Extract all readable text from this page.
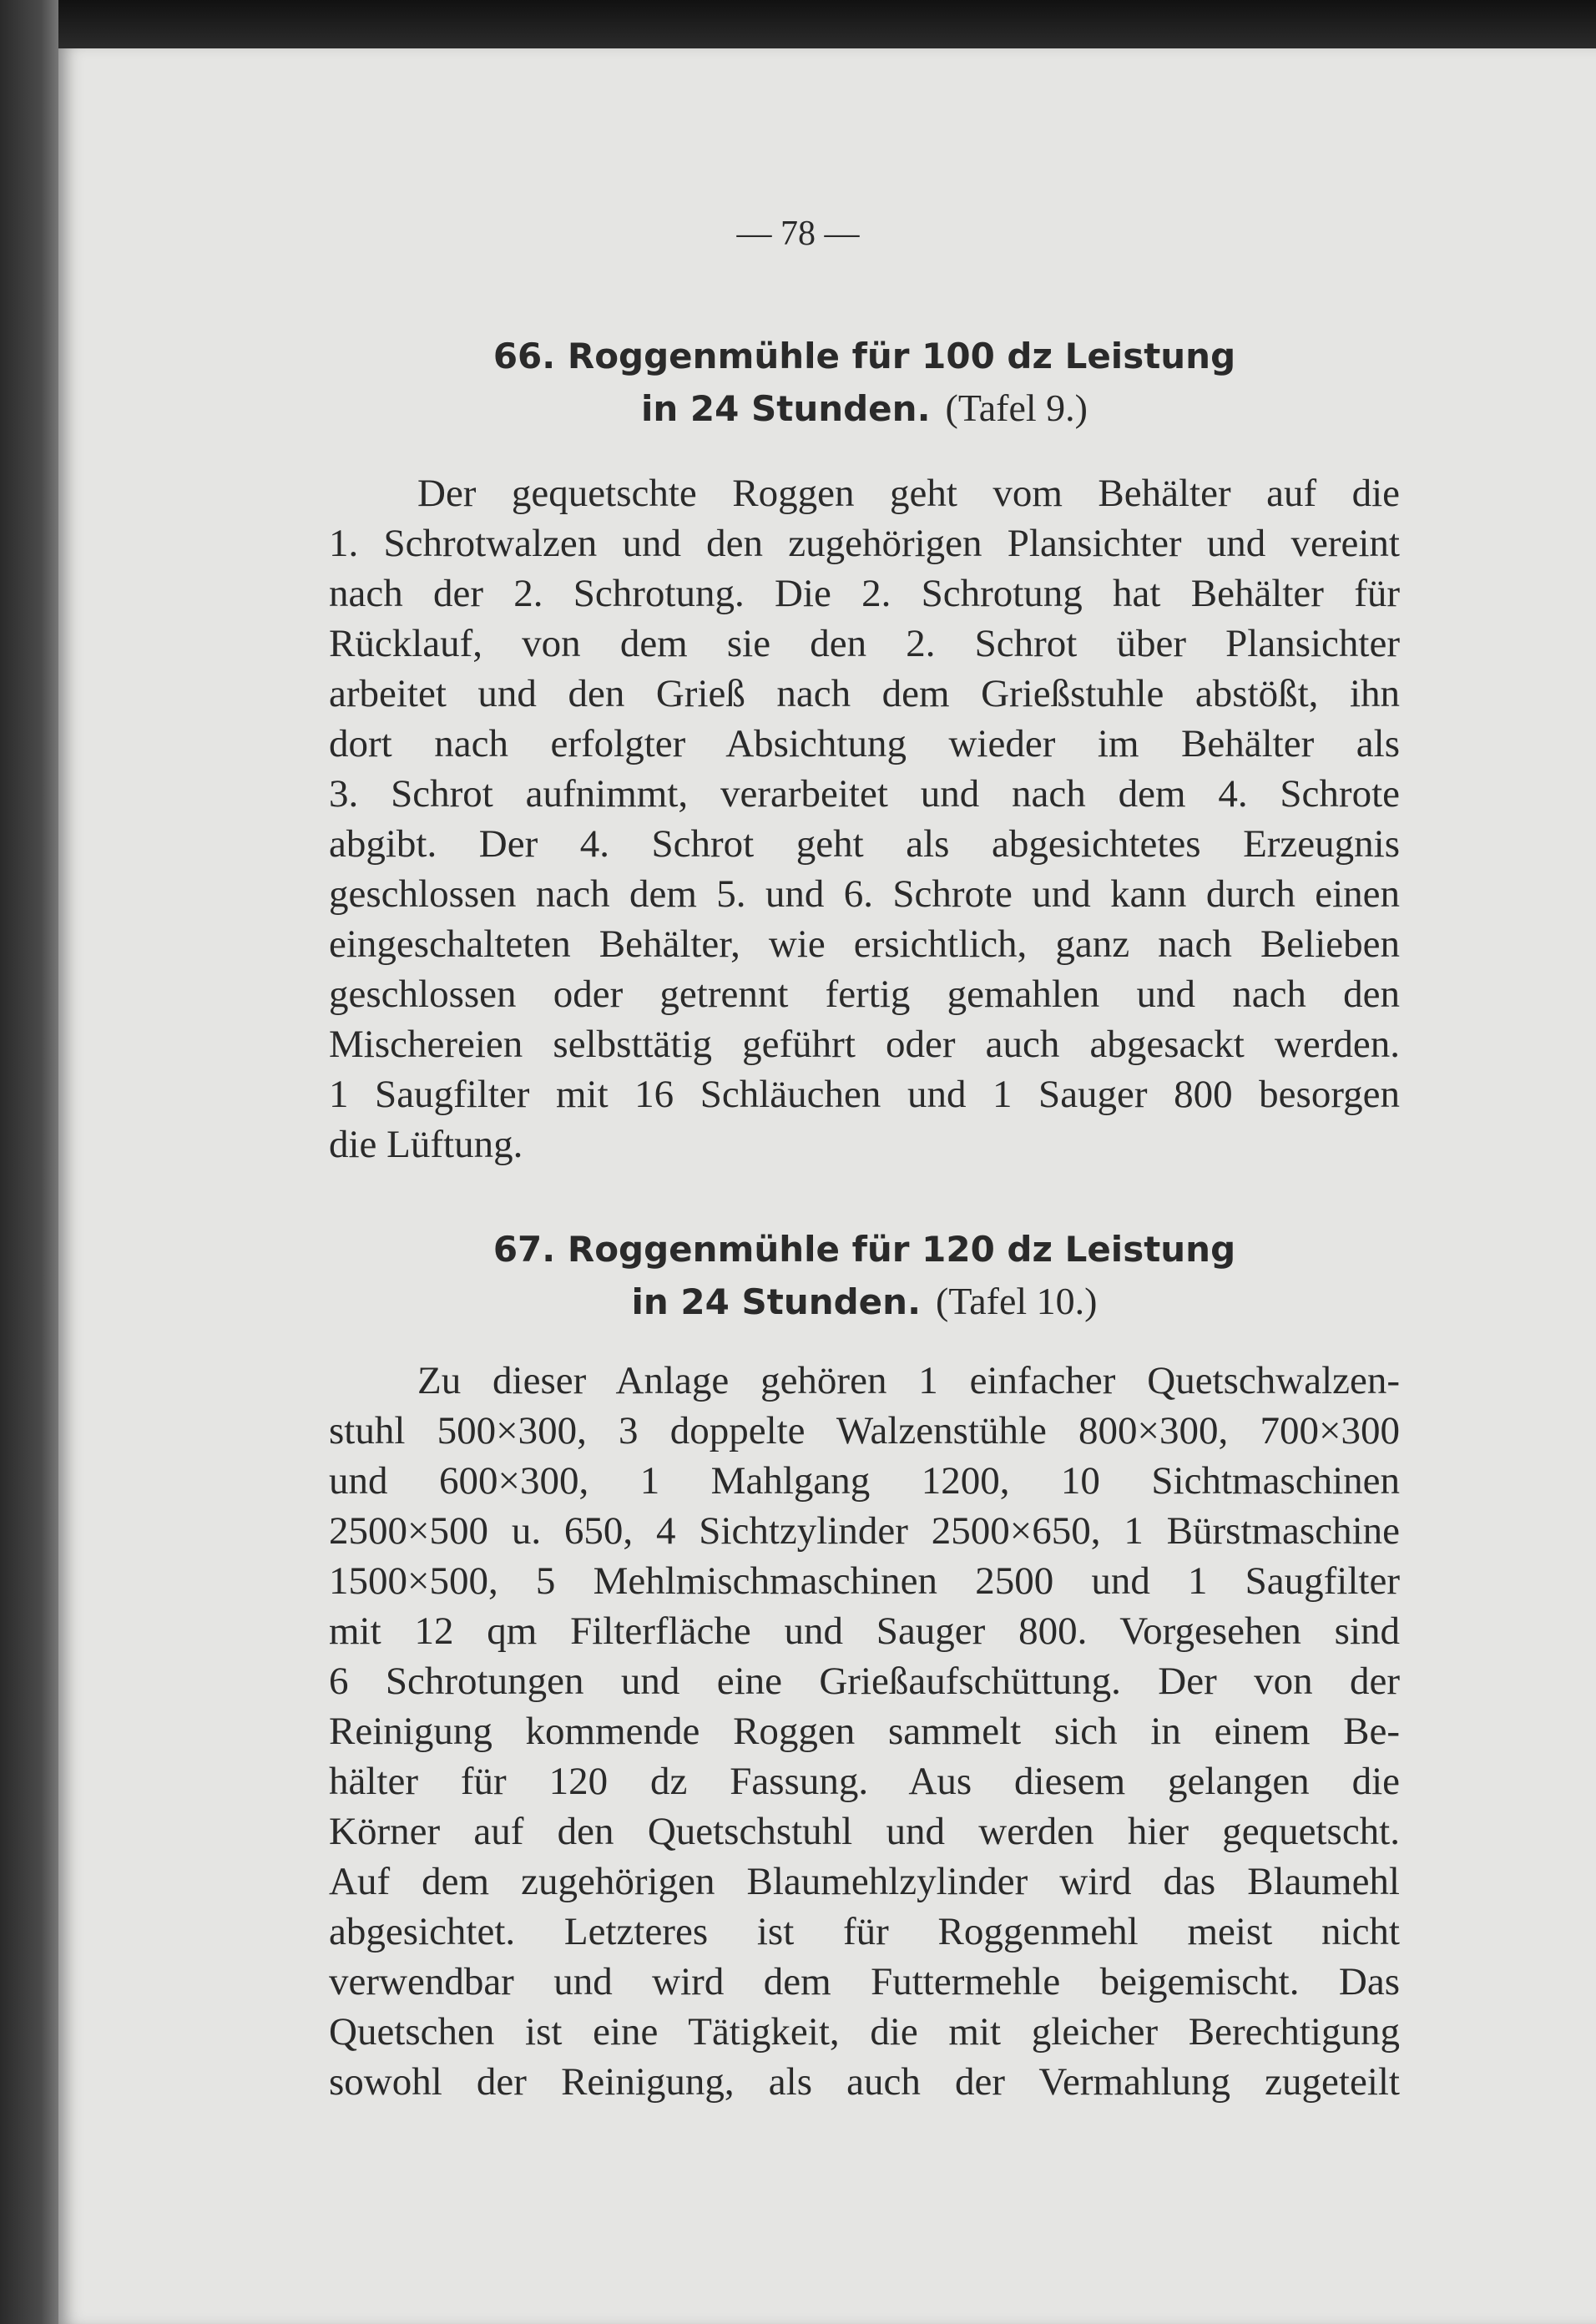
— 78 —
66. Roggenmühle für 100 dz Leistung
in 24 Stunden. (Tafel 9.)
Der gequetschte Roggen geht vom Behälter auf die
1. Schrotwalzen und den zugehörigen Plansichter und vereint
nach der 2. Schrotung. Die 2. Schrotung hat Behälter für
Rücklauf, von dem sie den 2. Schrot über Plansichter
arbeitet und den Grieß nach dem Grießstuhle abstößt, ihn
dort nach erfolgter Absichtung wieder im Behälter als
3. Schrot aufnimmt, verarbeitet und nach dem 4. Schrote
abgibt. Der 4. Schrot geht als abgesichtetes Erzeugnis
geschlossen nach dem 5. und 6. Schrote und kann durch einen
eingeschalteten Behälter, wie ersichtlich, ganz nach Belieben
geschlossen oder getrennt fertig gemahlen und nach den
Mischereien selbsttätig geführt oder auch abgesackt werden.
1 Saugfilter mit 16 Schläuchen und 1 Sauger 800 besorgen
die Lüftung.
67. Roggenmühle für 120 dz Leistung
in 24 Stunden. (Tafel 10.)
Zu dieser Anlage gehören 1 einfacher Quetschwalzen-
stuhl 500×300, 3 doppelte Walzenstühle 800×300, 700×300
und 600×300, 1 Mahlgang 1200, 10 Sichtmaschinen
2500×500 u. 650, 4 Sichtzylinder 2500×650, 1 Bürstmaschine
1500×500, 5 Mehlmischmaschinen 2500 und 1 Saugfilter
mit 12 qm Filterfläche und Sauger 800. Vorgesehen sind
6 Schrotungen und eine Grießaufschüttung. Der von der
Reinigung kommende Roggen sammelt sich in einem Be-
hälter für 120 dz Fassung. Aus diesem gelangen die
Körner auf den Quetschstuhl und werden hier gequetscht.
Auf dem zugehörigen Blaumehlzylinder wird das Blaumehl
abgesichtet. Letzteres ist für Roggenmehl meist nicht
verwendbar und wird dem Futtermehle beigemischt. Das
Quetschen ist eine Tätigkeit, die mit gleicher Berechtigung
sowohl der Reinigung, als auch der Vermahlung zugeteilt
